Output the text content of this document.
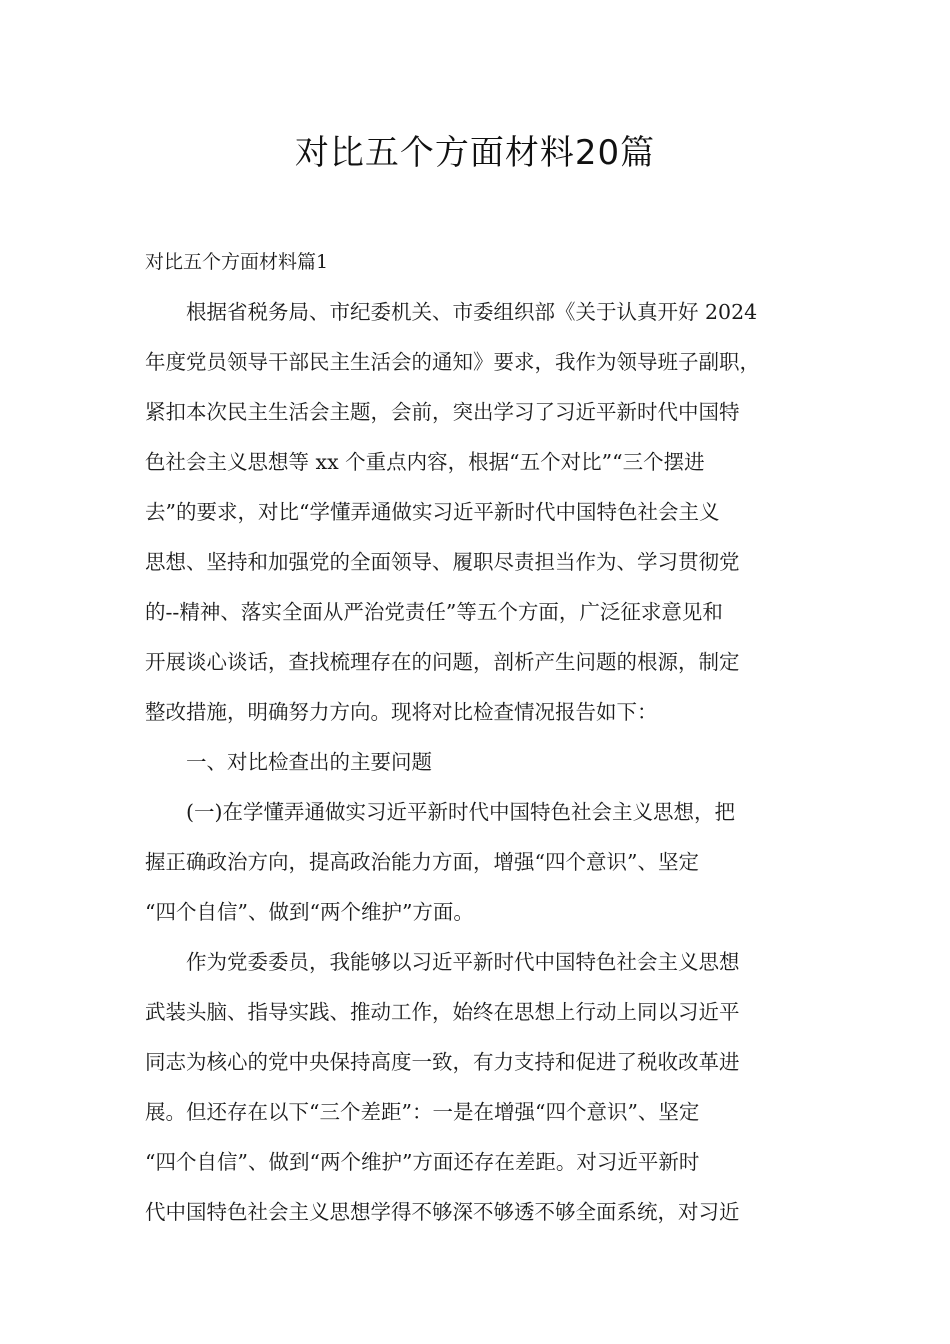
对比五个方面材料20篇
对比五个方面材料篇1
根据省税务局、市纪委机关、市委组织部《关于认真开好 2024
年度党员领导干部民主生活会的通知》要求，我作为领导班子副职，
紧扣本次民主生活会主题，会前，突出学习了习近平新时代中国特
色社会主义思想等 xx 个重点内容，根据“五个对比”“三个摆进
去”的要求，对比“学懂弄通做实习近平新时代中国特色社会主义
思想、坚持和加强党的全面领导、履职尽责担当作为、学习贯彻党
的--精神、落实全面从严治党责任”等五个方面，广泛征求意见和
开展谈心谈话，查找梳理存在的问题，剖析产生问题的根源，制定
整改措施，明确努力方向。现将对比检查情况报告如下：
一、对比检查出的主要问题
(一)在学懂弄通做实习近平新时代中国特色社会主义思想，把
握正确政治方向，提高政治能力方面，增强“四个意识”、坚定
“四个自信”、做到“两个维护”方面。
作为党委委员，我能够以习近平新时代中国特色社会主义思想
武装头脑、指导实践、推动工作，始终在思想上行动上同以习近平
同志为核心的党中央保持高度一致，有力支持和促进了税收改革进
展。但还存在以下“三个差距”：一是在增强“四个意识”、坚定
“四个自信”、做到“两个维护”方面还存在差距。对习近平新时
代中国特色社会主义思想学得不够深不够透不够全面系统，对习近
